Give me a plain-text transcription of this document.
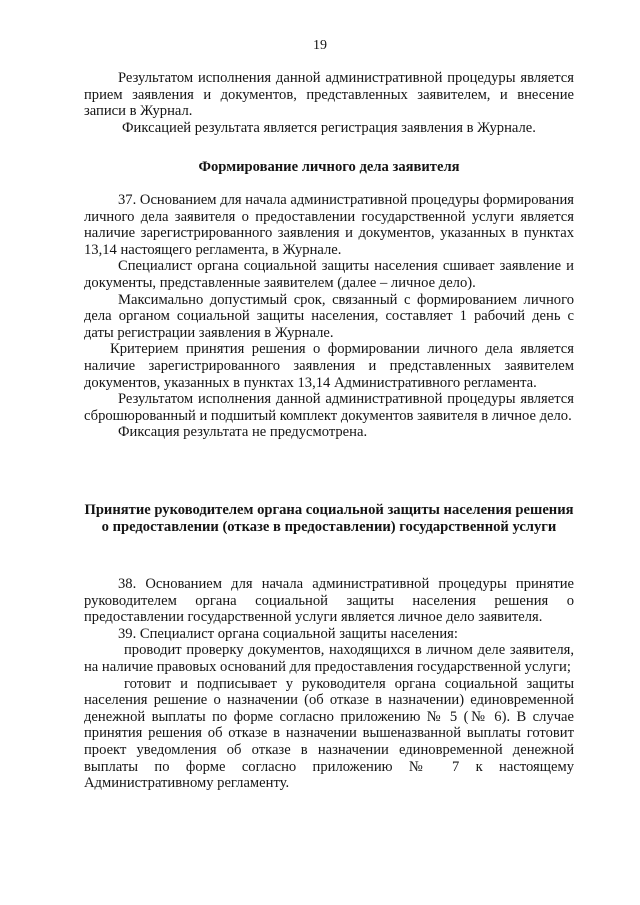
19

Результатом исполнения данной административной процедуры является прием заявления и документов, представленных заявителем, и внесение записи в Журнал.

Фиксацией результата является регистрация заявления в Журнале.

Формирование личного дела заявителя

37. Основанием для начала административной процедуры формирования личного дела заявителя о предоставлении государственной услуги является наличие зарегистрированного заявления и документов, указанных в пунктах 13,14 настоящего регламента, в Журнале.

Специалист органа социальной защиты населения сшивает заявление и документы, представленные заявителем (далее – личное дело).

Максимально допустимый срок, связанный с формированием личного дела органом социальной защиты населения, составляет 1 рабочий день с даты регистрации заявления в Журнале.

Критерием принятия решения о формировании личного дела является наличие зарегистрированного заявления и представленных заявителем документов, указанных в пунктах 13,14 Административного регламента.

Результатом исполнения данной административной процедуры является сброшюрованный и подшитый комплект документов заявителя в личное дело.

Фиксация результата не предусмотрена.

Принятие руководителем органа социальной защиты населения решения о предоставлении (отказе в предоставлении) государственной услуги

38. Основанием для начала административной процедуры принятие руководителем органа социальной защиты населения решения о предоставлении государственной услуги является личное дело заявителя.

39. Специалист органа социальной защиты населения:

проводит проверку документов, находящихся в личном деле заявителя, на наличие правовых оснований для предоставления государственной услуги;

готовит и подписывает у руководителя органа социальной защиты населения решение о назначении (об отказе в назначении) единовременной денежной выплаты по форме согласно приложению № 5 (№ 6). В случае принятия решения об отказе в назначении вышеназванной выплаты готовит проект уведомления об отказе в назначении единовременной денежной выплаты по форме согласно приложению № 7 к настоящему Административному регламенту.
